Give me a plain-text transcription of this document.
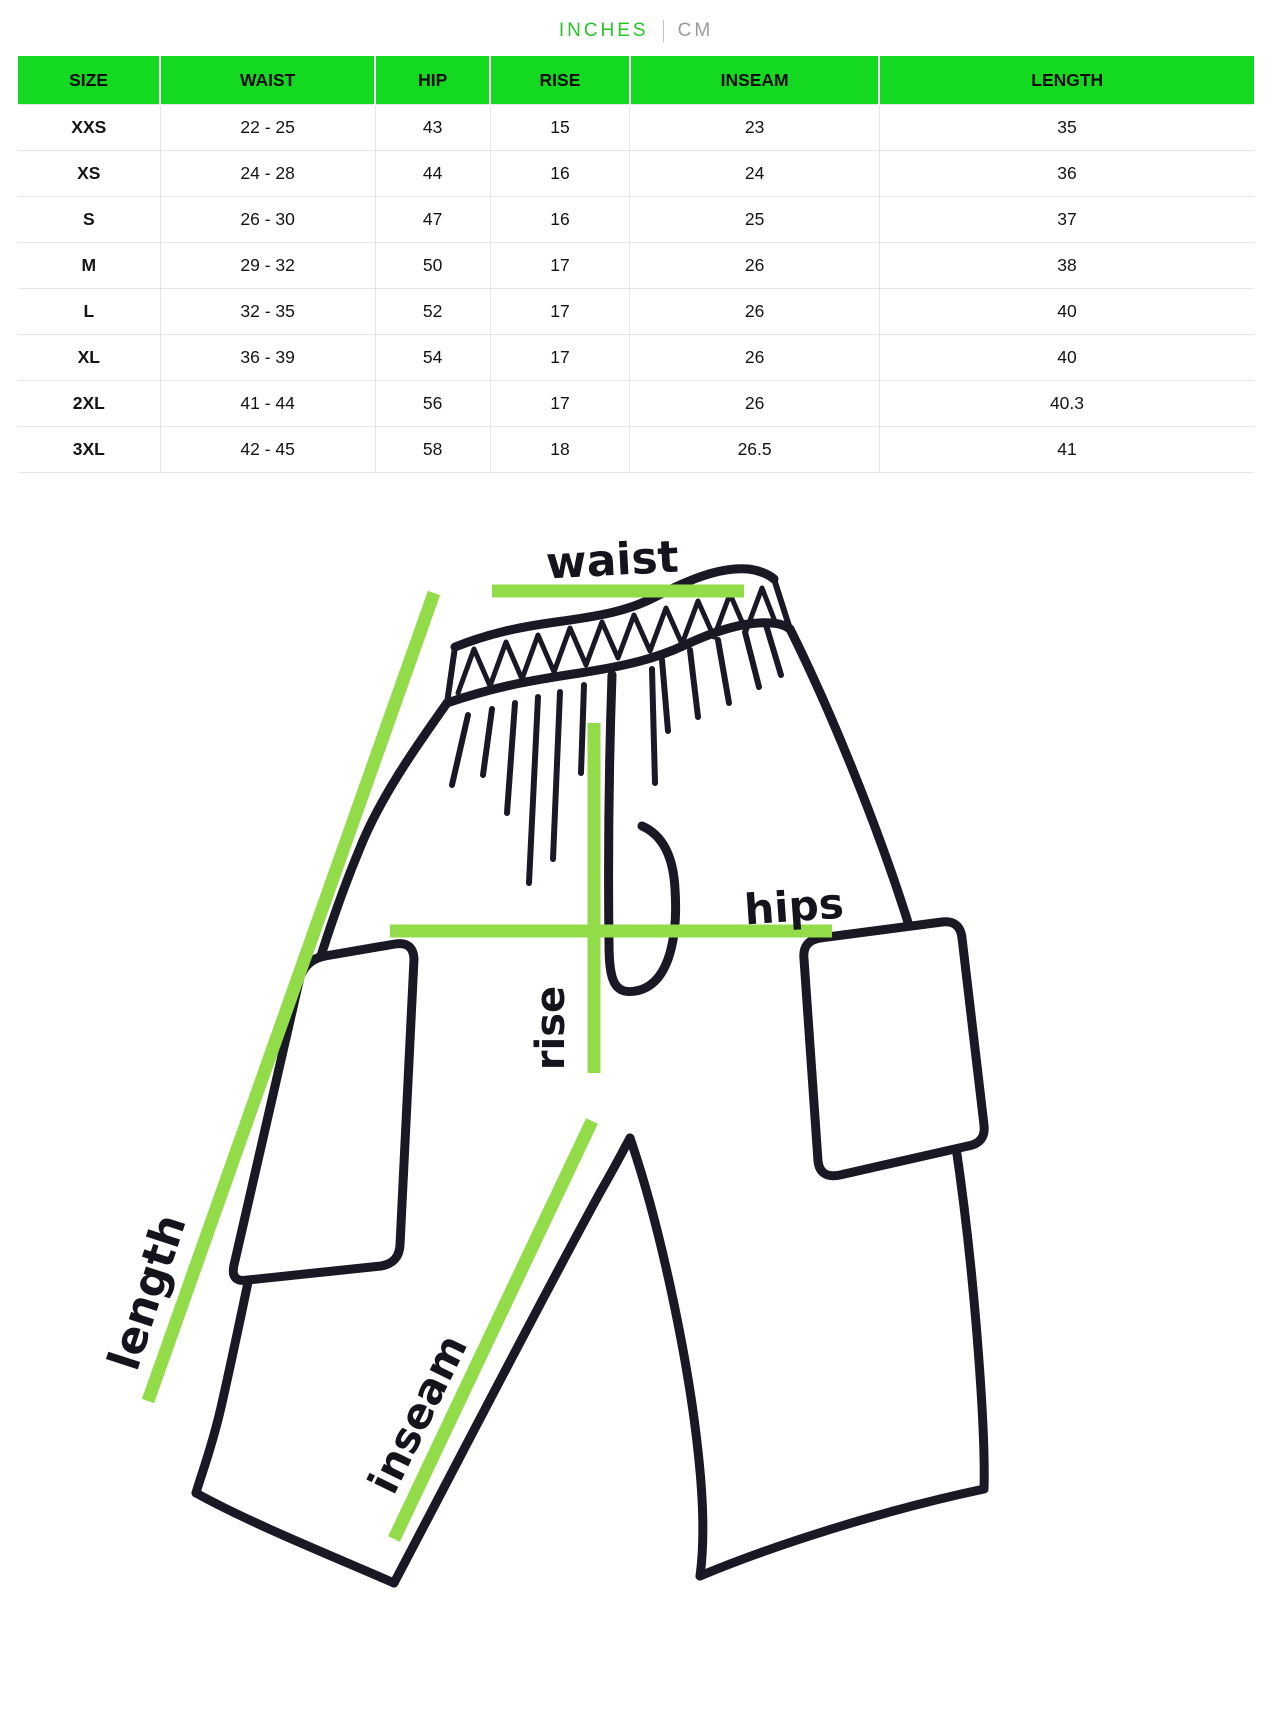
INCHES CM
SIZE	WAIST	HIP	RISE	INSEAM	LENGTH
XXS	22 - 25	43	15	23	35
XS	24 - 28	44	16	24	36
S	26 - 30	47	16	25	37
M	29 - 32	50	17	26	38
L	32 - 35	52	17	26	40
XL	36 - 39	54	17	26	40
2XL	41 - 44	56	17	26	40.3
3XL	42 - 45	58	18	26.5	41
waist
hips
rise
length
inseam
